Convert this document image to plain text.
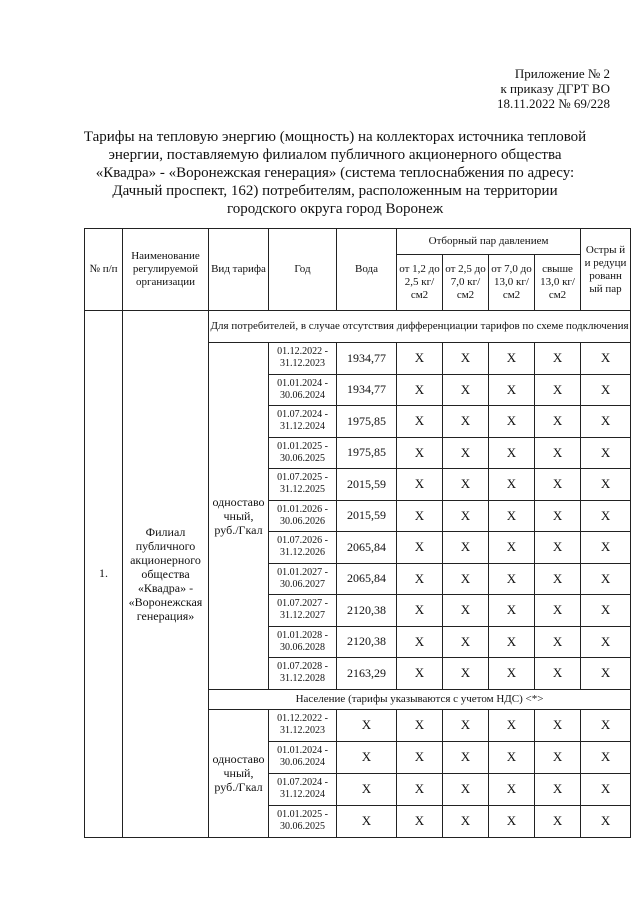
Приложение № 2
к приказу ДГРТ ВО
18.11.2022 № 69/228
Тарифы на тепловую энергию (мощность) на коллекторах источника тепловой
энергии, поставляемую филиалом публичного акционерного общества
«Квадра» - «Воронежская генерация» (система теплоснабжения по адресу:
Дачный проспект, 162) потребителям, расположенным на территории
городского округа город Воронеж
№ п/п	Наименование регулируемой организации	Вид тарифа	Год	Вода	Отборный пар давлением				Остры й и редуци рованн ый пар
					от 1,2 до 2,5 кг/см2	от 2,5 до 7,0 кг/см2	от 7,0 до 13,0 кг/см2	свыше 13,0 кг/см2	
1.	Филиал публичного акционерного общества «Квадра» - «Воронежская генерация»	Для потребителей, в случае отсутствия дифференциации тарифов по схеме подключения							
		одноставо чный, руб./Гкал	01.12.2022 - 31.12.2023	1934,77	X	X	X	X	X
			01.01.2024 - 30.06.2024	1934,77	X	X	X	X	X
			01.07.2024 - 31.12.2024	1975,85	X	X	X	X	X
			01.01.2025 - 30.06.2025	1975,85	X	X	X	X	X
			01.07.2025 - 31.12.2025	2015,59	X	X	X	X	X
			01.01.2026 - 30.06.2026	2015,59	X	X	X	X	X
			01.07.2026 - 31.12.2026	2065,84	X	X	X	X	X
			01.01.2027 - 30.06.2027	2065,84	X	X	X	X	X
			01.07.2027 - 31.12.2027	2120,38	X	X	X	X	X
			01.01.2028 - 30.06.2028	2120,38	X	X	X	X	X
			01.07.2028 - 31.12.2028	2163,29	X	X	X	X	X
		Население (тарифы указываются с учетом НДС) <*>							
		одноставо чный, руб./Гкал	01.12.2022 - 31.12.2023	X	X	X	X	X	X
			01.01.2024 - 30.06.2024	X	X	X	X	X	X
			01.07.2024 - 31.12.2024	X	X	X	X	X	X
			01.01.2025 - 30.06.2025	X	X	X	X	X	X
